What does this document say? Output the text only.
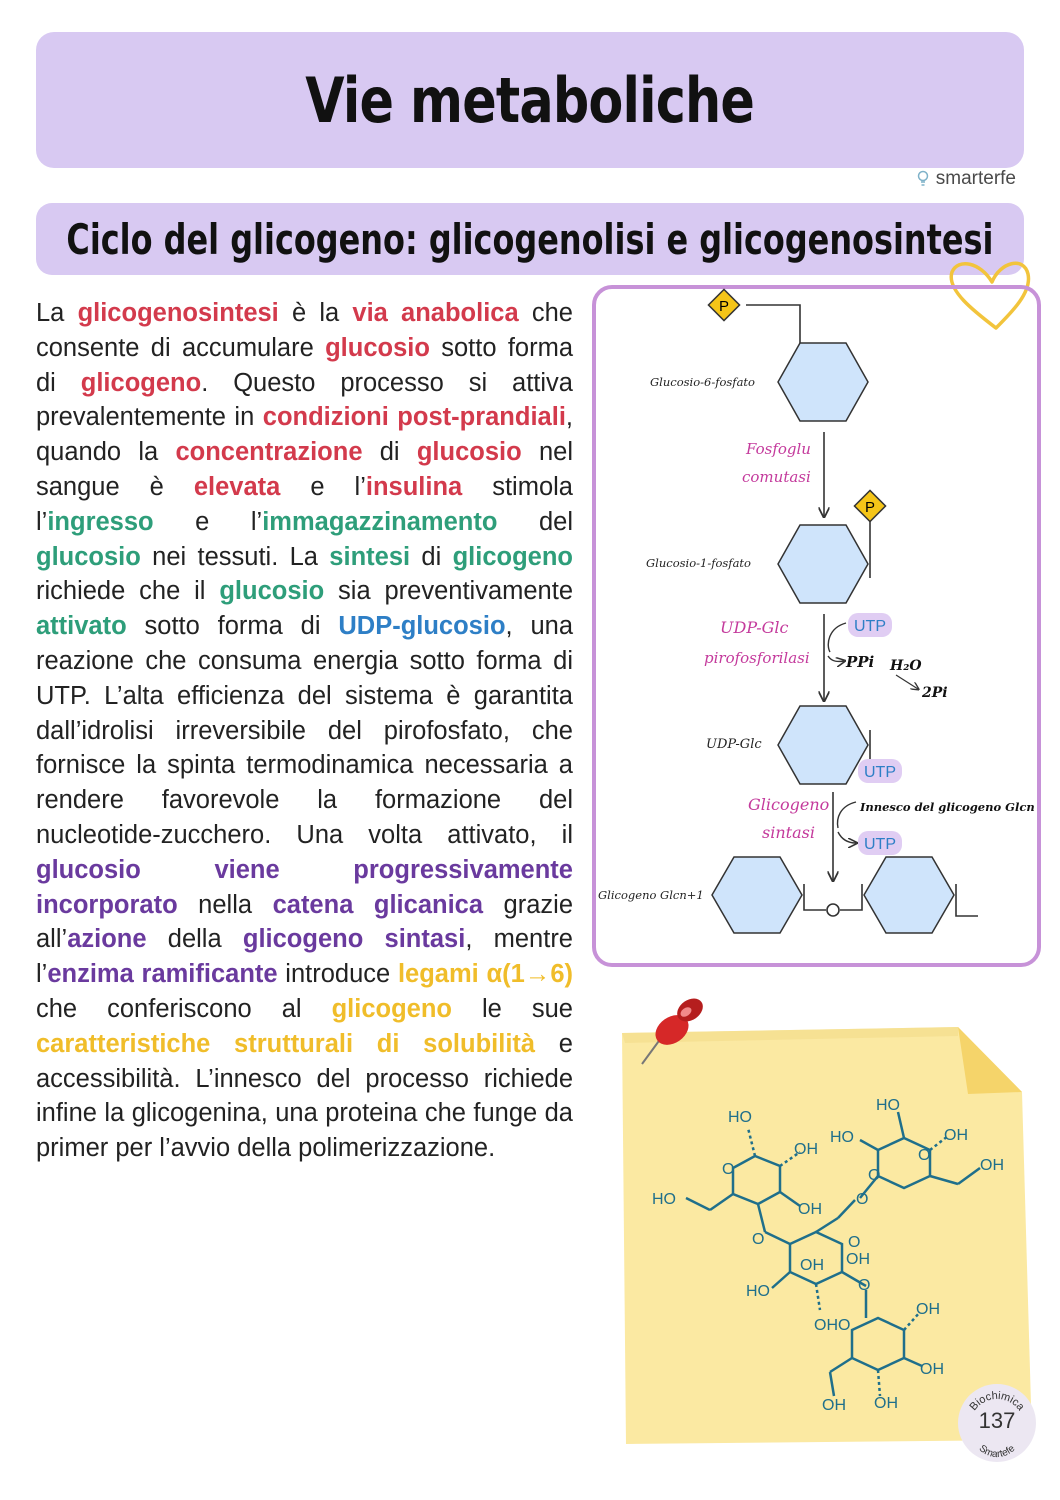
Vie metaboliche
smarterfe
Ciclo del glicogeno: glicogenolisi e glicogenosintesi
La glicogenosintesi è la via anabolica che consente di accumulare glucosio sotto forma di glicogeno. Questo processo si attiva prevalentemente in condizioni post-prandiali, quando la concentrazione di glucosio nel sangue è elevata e l’insulina stimola l’ingresso e l’immagazzinamento del glucosio nei tessuti. La sintesi di glicogeno richiede che il glucosio sia preventivamente attivato sotto forma di UDP-glucosio, una reazione che consuma energia sotto forma di UTP. L’alta efficienza del sistema è garantita dall’idrolisi irreversibile del pirofosfato, che fornisce la spinta termodinamica necessaria a rendere favorevole la formazione del nucleotide-zucchero. Una volta attivato, il glucosio viene progressivamente incorporato nella catena glicanica grazie all’azione della glicogeno sintasi, mentre l’enzima ramificante introduce legami α(1→6) che conferiscono al glicogeno le sue caratteristiche strutturali di solubilità e accessibilità. L’innesco del processo richiede infine la glicogenina, una proteina che funge da primer per l’avvio della polimerizzazione.
P
Glucosio-6-fosfato
Fosfoglu
comutasi
P
Glucosio-1-fosfato
UDP-Glc
pirofosforilasi
UTP
PPi H₂O
2Pi
UDP-Glc
UTP
Glicogeno
sintasi
Innesco del glicogeno Glcn
UTP
Glicogeno Glcn+1
HO
OH
O
HO
OH
OH
O	O
HO
OH
O
OHO
OH
OH
OH OH
HO
O
OH
OH
O
O
HO
Biochimica
Smartefe
137
